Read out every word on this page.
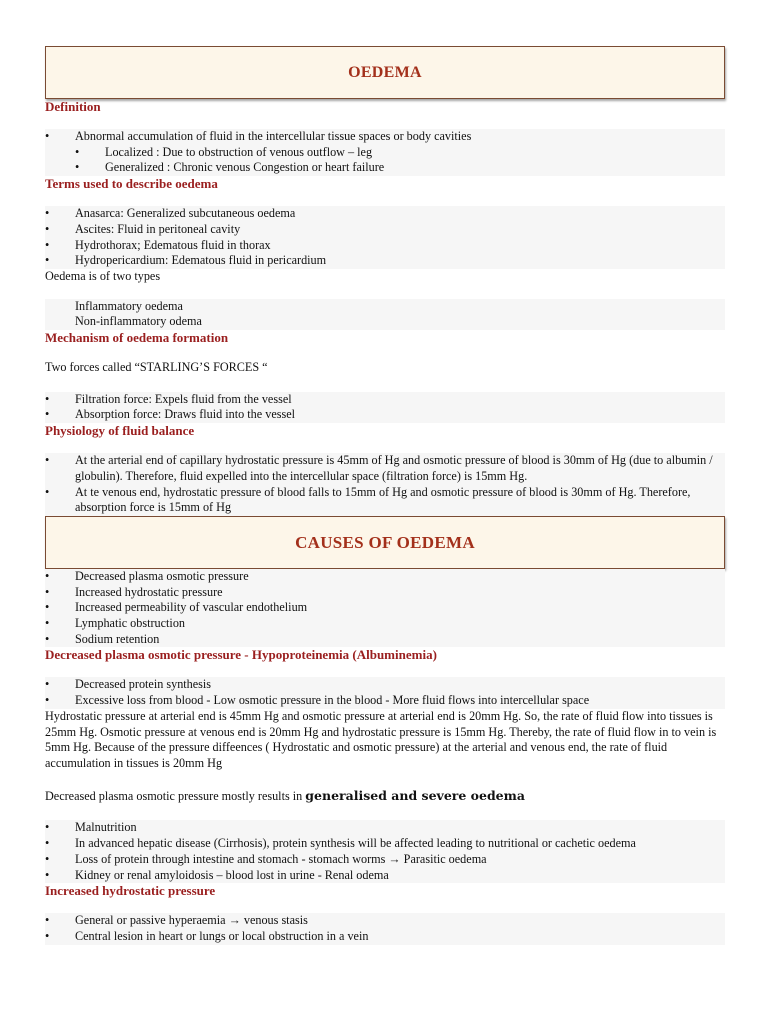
OEDEMA
Definition
• Abnormal accumulation of fluid in the intercellular tissue spaces or body cavities
• Localized : Due to obstruction of venous outflow – leg
• Generalized : Chronic venous Congestion or heart failure
Terms used to describe oedema
• Anasarca: Generalized subcutaneous oedema
• Ascites: Fluid in peritoneal cavity
• Hydrothorax; Edematous fluid in thorax
• Hydropericardium: Edematous fluid in pericardium
Oedema is of two types
Inflammatory oedema
Non-inflammatory odema
Mechanism of oedema formation
Two forces called “STARLING’S FORCES “
• Filtration force: Expels fluid from the vessel
• Absorption force: Draws fluid into the vessel
Physiology of fluid balance
• At the arterial end of capillary hydrostatic pressure is 45mm of Hg and osmotic pressure of blood is 30mm of Hg (due to albumin / globulin). Therefore, fluid expelled into the intercellular space (filtration force) is 15mm Hg.
• At te venous end, hydrostatic pressure of blood falls to 15mm of Hg and osmotic pressure of blood is 30mm of Hg. Therefore, absorption force is 15mm of Hg
CAUSES OF OEDEMA
• Decreased plasma osmotic pressure
• Increased hydrostatic pressure
• Increased permeability of vascular endothelium
• Lymphatic obstruction
• Sodium retention
Decreased plasma osmotic pressure - Hypoproteinemia (Albuminemia)
• Decreased protein synthesis
• Excessive loss from blood - Low osmotic pressure in the blood - More fluid flows into intercellular space
Hydrostatic pressure at arterial end is 45mm Hg and osmotic pressure at arterial end is 20mm Hg. So, the rate of fluid flow into tissues is 25mm Hg. Osmotic pressure at venous end is 20mm Hg and hydrostatic pressure is 15mm Hg. Thereby, the rate of fluid flow in to vein is 5mm Hg. Because of the pressure diffeences ( Hydrostatic and osmotic pressure) at the arterial and venous end, the rate of fluid accumulation in tissues is 20mm Hg
Decreased plasma osmotic pressure mostly results in generalised and severe oedema
• Malnutrition
• In advanced hepatic disease (Cirrhosis), protein synthesis will be affected leading to nutritional or cachetic oedema
• Loss of protein through intestine and stomach - stomach worms → Parasitic oedema
• Kidney or renal amyloidosis – blood lost in urine - Renal odema
Increased hydrostatic pressure
• General or passive hyperaemia → venous stasis
• Central lesion in heart or lungs or local obstruction in a vein
